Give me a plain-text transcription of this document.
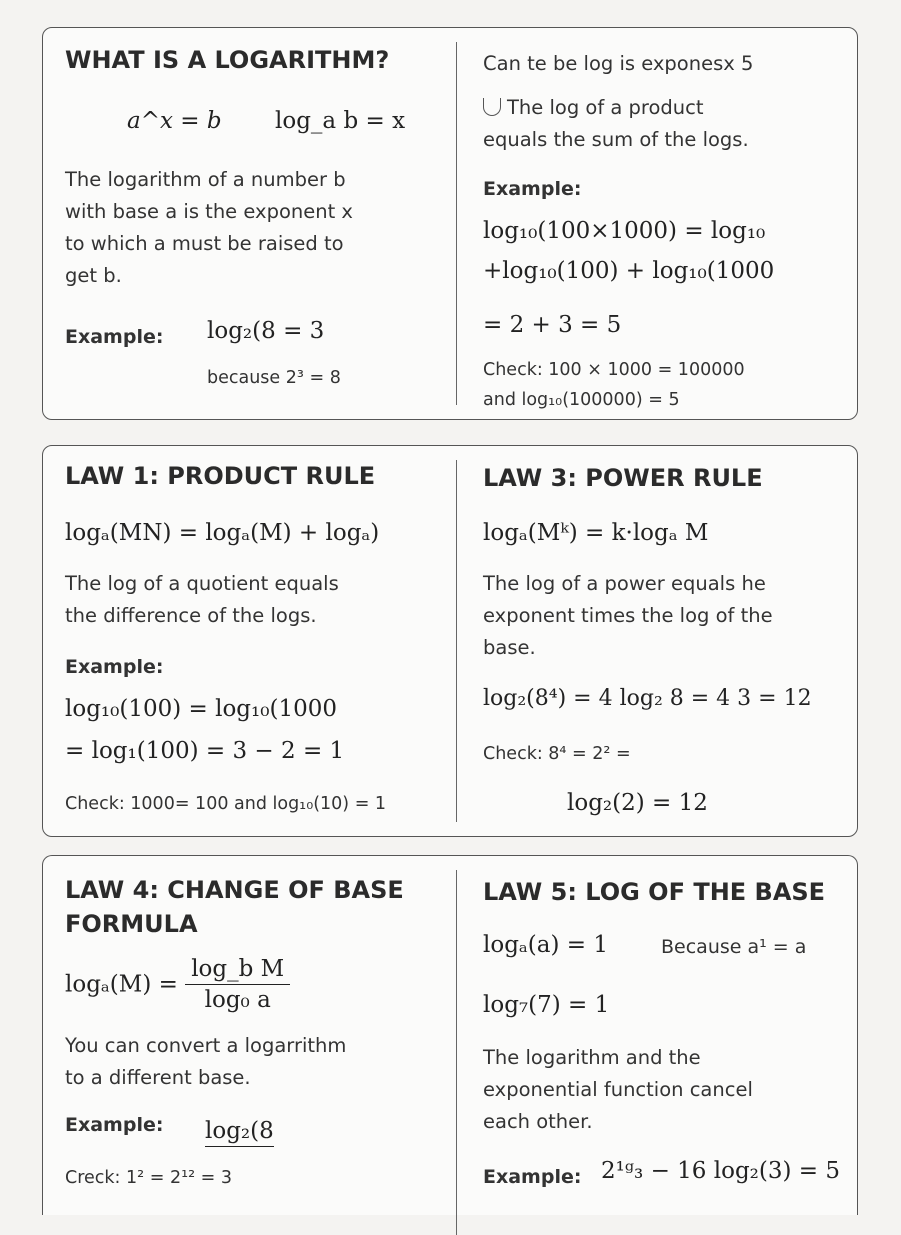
WHAT IS A LOGARITHM?
a^x = b log_a b = x
The logarithm of a number b
with base a is the exponent x
to which a must be raised to
get b.
Example: log₂(8 = 3
because 2³ = 8
Can te be log is exponesx 5
The log of a product
equals the sum of the logs.
Example:
log₁₀(100×1000) = log₁₀
+log₁₀(100) + log₁₀(1000
= 2 + 3 = 5
Check: 100 × 1000 = 100000
and log₁₀(100000) = 5
LAW 1: PRODUCT RULE
logₐ(MN) = logₐ(M) + logₐ)
The log of a quotient equals
the difference of the logs.
Example:
log₁₀(100) = log₁₀(1000
= log₁(100) = 3 − 2 = 1
Check: 1000= 100 and log₁₀(10) = 1
LAW 3: POWER RULE
logₐ(Mᵏ) = k·logₐ M
The log of a power equals he
exponent times the log of the
base.
log₂(8⁴) = 4 log₂ 8 = 4 3 = 12
Check: 8⁴ = 2² =
log₂(2) = 12
LAW 4: CHANGE OF BASE
FORMULA
$\log_a(M) = \frac{\text{log\_b M}}{\text{log₀ a}}$
You can convert a logarrithm
to a different base.
Example: log₂(8
Creck: 1² = 2¹² = 3
LAW 5: LOG OF THE BASE
logₐ(a) = 1	Because a¹ = a
log₇(7) = 1
The logarithm and the
exponential function cancel
each other.
Example: 2¹ᵍ₃ − 16 log₂(3) = 5
